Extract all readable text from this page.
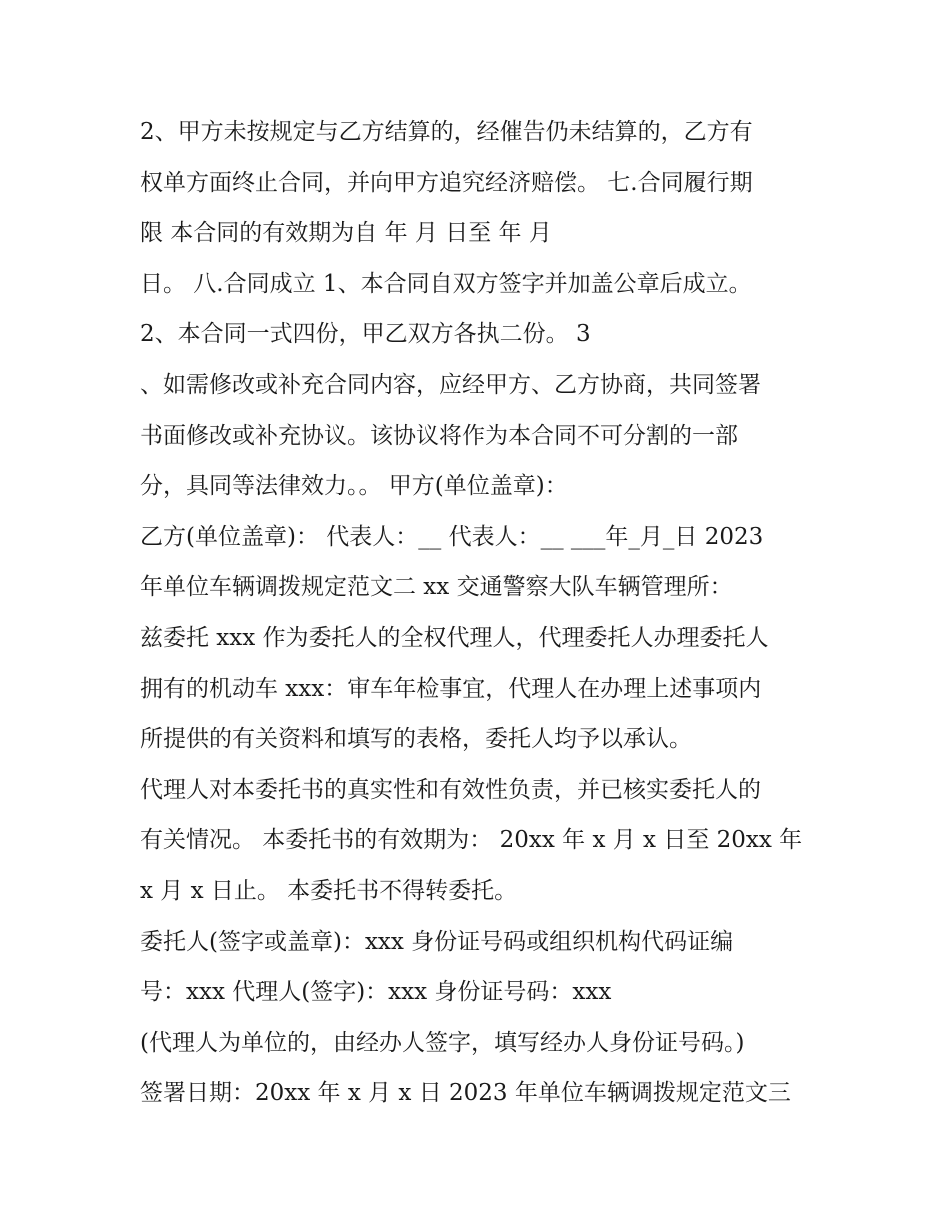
2、甲方未按规定与乙方结算的，经催告仍未结算的，乙方有
权单方面终止合同，并向甲方追究经济赔偿。 七.合同履行期
限 本合同的有效期为自 年 月 日至 年 月
日。 八.合同成立 1、本合同自双方签字并加盖公章后成立。
2、本合同一式四份，甲乙双方各执二份。 3
、如需修改或补充合同内容，应经甲方、乙方协商，共同签署
书面修改或补充协议。该协议将作为本合同不可分割的一部
分，具同等法律效力。。 甲方(单位盖章)：
乙方(单位盖章)： 代表人：__ 代表人：__ ___年_月_日 2023
年单位车辆调拨规定范文二 xx 交通警察大队车辆管理所：
兹委托 xxx 作为委托人的全权代理人，代理委托人办理委托人
拥有的机动车 xxx：审车年检事宜，代理人在办理上述事项内
所提供的有关资料和填写的表格，委托人均予以承认。
代理人对本委托书的真实性和有效性负责，并已核实委托人的
有关情况。 本委托书的有效期为： 20xx 年 x 月 x 日至 20xx 年
x 月 x 日止。 本委托书不得转委托。
委托人(签字或盖章)：xxx 身份证号码或组织机构代码证编
号：xxx 代理人(签字)：xxx 身份证号码：xxx
(代理人为单位的，由经办人签字，填写经办人身份证号码。)
签署日期：20xx 年 x 月 x 日 2023 年单位车辆调拨规定范文三
